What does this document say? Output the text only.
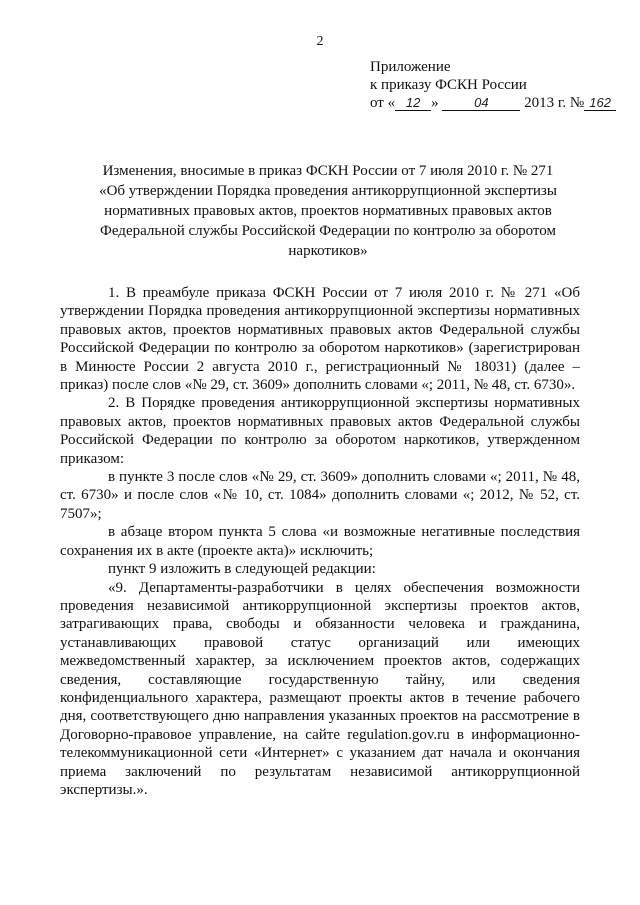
2
Приложение
к приказу ФСКН России
от « 12 »	04 2013 г. № 162
Изменения, вносимые в приказ ФСКН России от 7 июля 2010 г. № 271
«Об утверждении Порядка проведения антикоррупционной экспертизы
нормативных правовых актов, проектов нормативных правовых актов
Федеральной службы Российской Федерации по контролю за оборотом
наркотиков»

1. В преамбуле приказа ФСКН России от 7 июля 2010 г. № 271 «Об утверждении Порядка проведения антикоррупционной экспертизы нормативных правовых актов, проектов нормативных правовых актов Федеральной службы Российской Федерации по контролю за оборотом наркотиков» (зарегистрирован в Минюсте России 2 августа 2010 г., регистрационный № 18031) (далее – приказ) после слов «№ 29, ст. 3609» дополнить словами «; 2011, № 48, ст. 6730».

2. В Порядке проведения антикоррупционной экспертизы нормативных правовых актов, проектов нормативных правовых актов Федеральной службы Российской Федерации по контролю за оборотом наркотиков, утвержденном приказом:

в пункте 3 после слов «№ 29, ст. 3609» дополнить словами «; 2011, № 48, ст. 6730» и после слов «№ 10, ст. 1084» дополнить словами «; 2012, № 52, ст. 7507»;

в абзаце втором пункта 5 слова «и возможные негативные последствия сохранения их в акте (проекте акта)» исключить;

пункт 9 изложить в следующей редакции:

«9. Департаменты-разработчики в целях обеспечения возможности проведения независимой антикоррупционной экспертизы проектов актов, затрагивающих права, свободы и обязанности человека и гражданина, устанавливающих правовой статус организаций или имеющих межведомственный характер, за исключением проектов актов, содержащих сведения, составляющие государственную тайну, или сведения конфиденциального характера, размещают проекты актов в течение рабочего дня, соответствующего дню направления указанных проектов на рассмотрение в Договорно-правовое управление, на сайте regulation.gov.ru в информационно-телекоммуникационной сети «Интернет» с указанием дат начала и окончания приема заключений по результатам независимой антикоррупционной экспертизы.».
